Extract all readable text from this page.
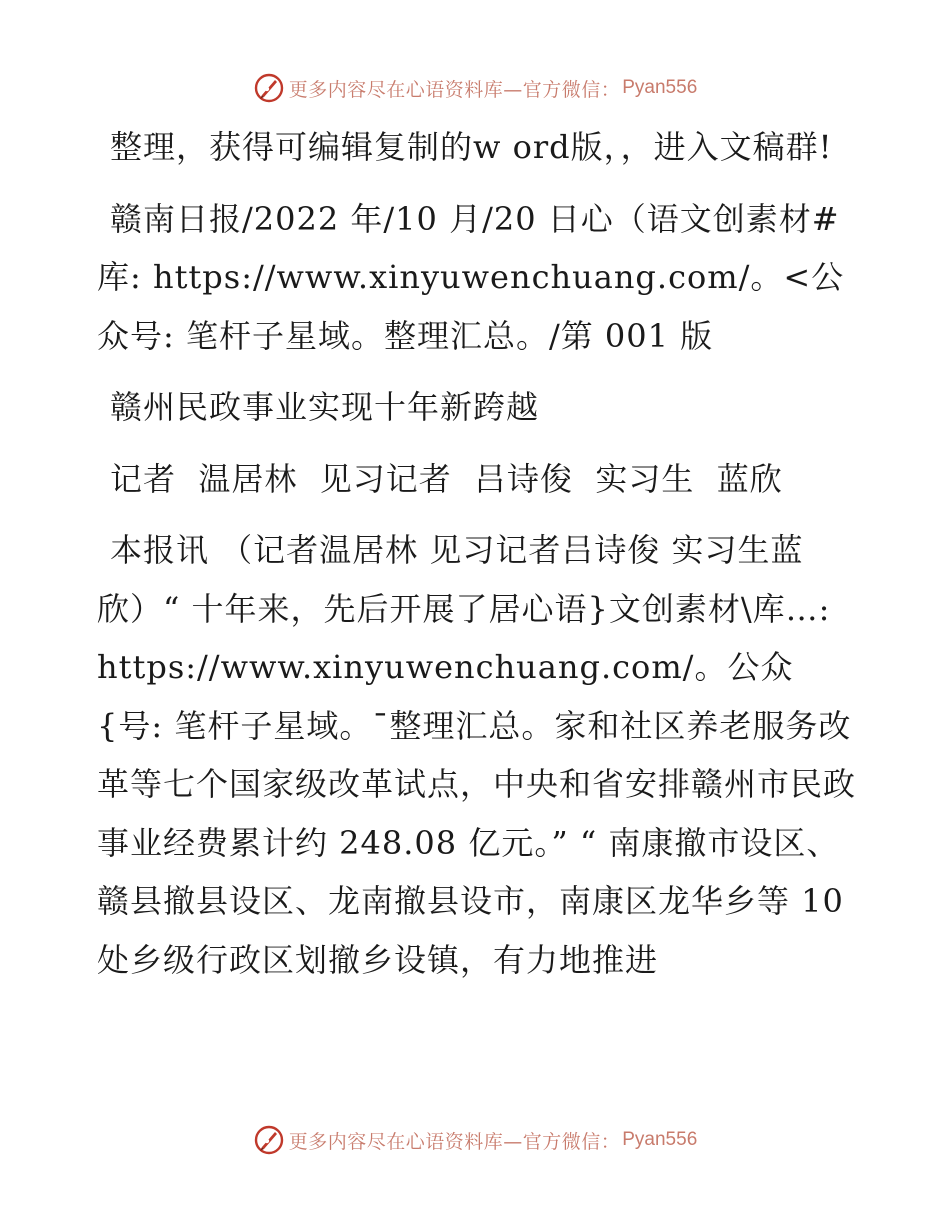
更多内容尽在心语资料库—官方微信： Pyan556

整理，获得可编辑复制的w ord版，，进入文稿群!

赣南日报/2022 年/10 月/20 日心（语文创素材#库: https://www.xinyuwenchuang.com/。<公众号: 笔杆子星域。整理汇总。/第 001 版

赣州民政事业实现十年新跨越

记者  温居林  见习记者  吕诗俊  实习生  蓝欣

本报讯 （记者温居林 见习记者吕诗俊 实习生蓝欣）“ 十年来，先后开展了居心语}文创素材\库…: https://www.xinyuwenchuang.com/。公众{号: 笔杆子星域。¯整理汇总。家和社区养老服务改革等七个国家级改革试点，中央和省安排赣州市民政事业经费累计约 248.08 亿元。” “ 南康撤市设区、赣县撤县设区、龙南撤县设市，南康区龙华乡等 10 处乡级行政区划撤乡设镇，有力地推进

更多内容尽在心语资料库—官方微信： Pyan556
